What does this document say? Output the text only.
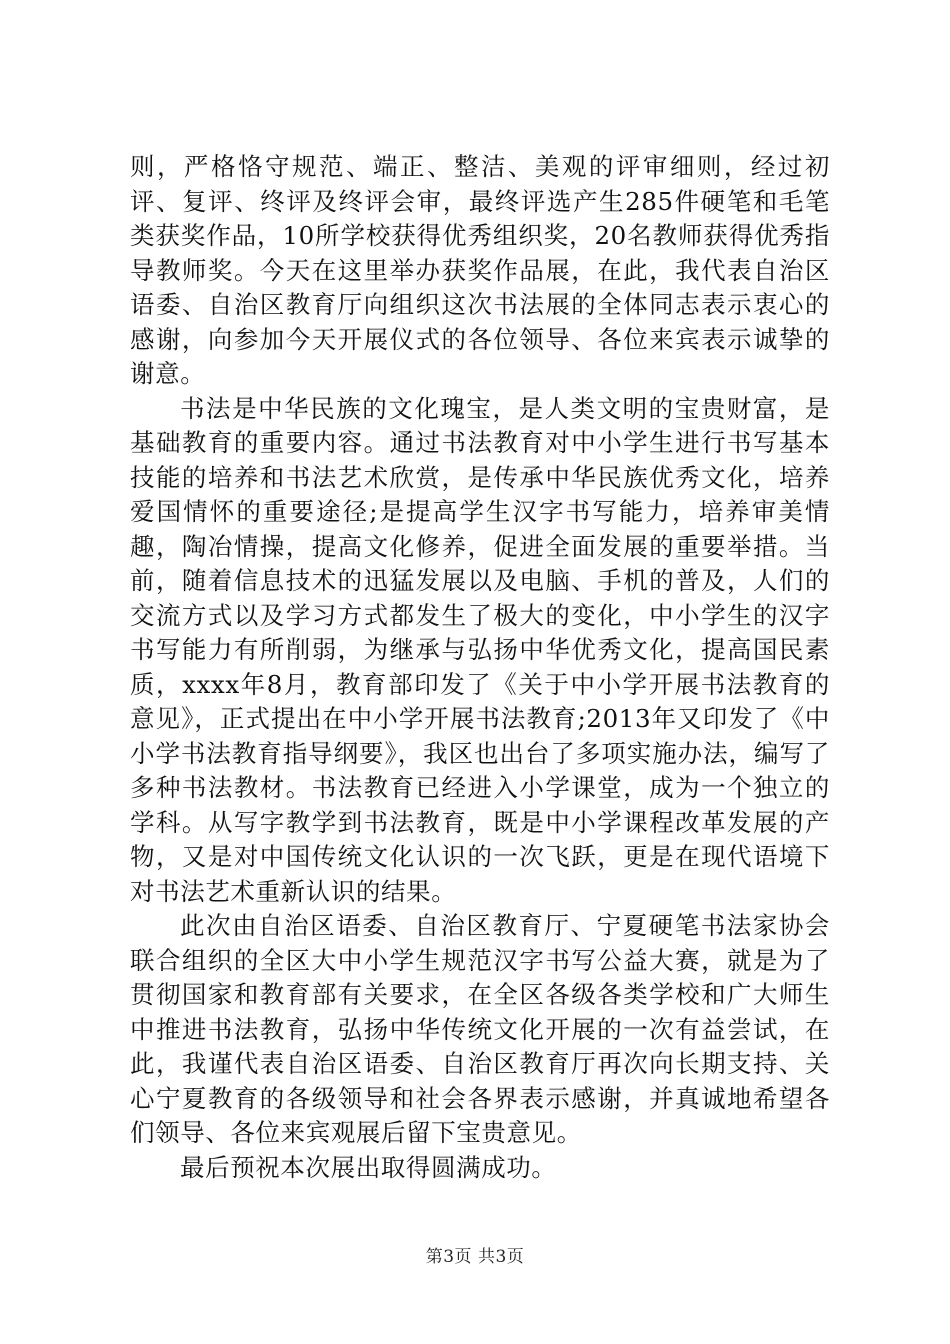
则，严格恪守规范、端正、整洁、美观的评审细则，经过初评、复评、终评及终评会审，最终评选产生285件硬笔和毛笔类获奖作品，10所学校获得优秀组织奖，20名教师获得优秀指导教师奖。今天在这里举办获奖作品展，在此，我代表自治区语委、自治区教育厅向组织这次书法展的全体同志表示衷心的感谢，向参加今天开展仪式的各位领导、各位来宾表示诚挚的谢意。

书法是中华民族的文化瑰宝，是人类文明的宝贵财富，是基础教育的重要内容。通过书法教育对中小学生进行书写基本技能的培养和书法艺术欣赏，是传承中华民族优秀文化，培养爱国情怀的重要途径;是提高学生汉字书写能力，培养审美情趣，陶冶情操，提高文化修养，促进全面发展的重要举措。当前，随着信息技术的迅猛发展以及电脑、手机的普及，人们的交流方式以及学习方式都发生了极大的变化，中小学生的汉字书写能力有所削弱，为继承与弘扬中华优秀文化，提高国民素质，xxxx年8月，教育部印发了《关于中小学开展书法教育的意见》，正式提出在中小学开展书法教育;2013年又印发了《中小学书法教育指导纲要》，我区也出台了多项实施办法，编写了多种书法教材。书法教育已经进入小学课堂，成为一个独立的学科。从写字教学到书法教育，既是中小学课程改革发展的产物，又是对中国传统文化认识的一次飞跃，更是在现代语境下对书法艺术重新认识的结果。

此次由自治区语委、自治区教育厅、宁夏硬笔书法家协会联合组织的全区大中小学生规范汉字书写公益大赛，就是为了贯彻国家和教育部有关要求，在全区各级各类学校和广大师生中推进书法教育，弘扬中华传统文化开展的一次有益尝试，在此，我谨代表自治区语委、自治区教育厅再次向长期支持、关心宁夏教育的各级领导和社会各界表示感谢，并真诚地希望各们领导、各位来宾观展后留下宝贵意见。

最后预祝本次展出取得圆满成功。

第3页 共3页
